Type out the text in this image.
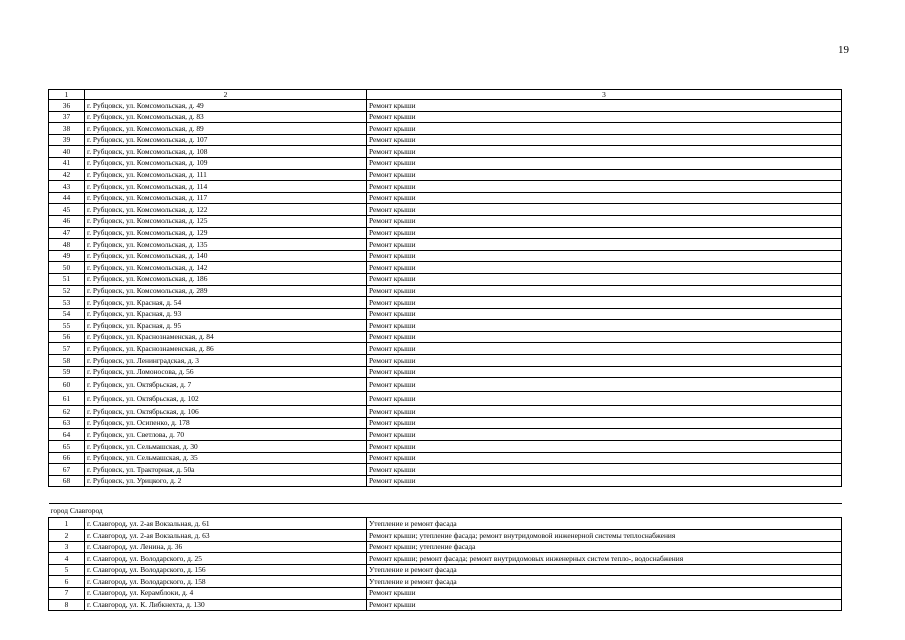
19
1	2	3
36	г. Рубцовск, ул. Комсомольская, д. 49	Ремонт крыши
37	г. Рубцовск, ул. Комсомольская, д. 83	Ремонт крыши
38	г. Рубцовск, ул. Комсомольская, д. 89	Ремонт крыши
39	г. Рубцовск, ул. Комсомольская, д. 107	Ремонт крыши
40	г. Рубцовск, ул. Комсомольская, д. 108	Ремонт крыши
41	г. Рубцовск, ул. Комсомольская, д. 109	Ремонт крыши
42	г. Рубцовск, ул. Комсомольская, д. 111	Ремонт крыши
43	г. Рубцовск, ул. Комсомольская, д. 114	Ремонт крыши
44	г. Рубцовск, ул. Комсомольская, д. 117	Ремонт крыши
45	г. Рубцовск, ул. Комсомольская, д. 122	Ремонт крыши
46	г. Рубцовск, ул. Комсомольская, д. 125	Ремонт крыши
47	г. Рубцовск, ул. Комсомольская, д. 129	Ремонт крыши
48	г. Рубцовск, ул. Комсомольская, д. 135	Ремонт крыши
49	г. Рубцовск, ул. Комсомольская, д. 140	Ремонт крыши
50	г. Рубцовск, ул. Комсомольская, д. 142	Ремонт крыши
51	г. Рубцовск, ул. Комсомольская, д. 186	Ремонт крыши
52	г. Рубцовск, ул. Комсомольская, д. 289	Ремонт крыши
53	г. Рубцовск, ул. Красная, д. 54	Ремонт крыши
54	г. Рубцовск, ул. Красная, д. 93	Ремонт крыши
55	г. Рубцовск, ул. Красная, д. 95	Ремонт крыши
56	г. Рубцовск, ул. Краснознаменская, д. 84	Ремонт крыши
57	г. Рубцовск, ул. Краснознаменская, д. 86	Ремонт крыши
58	г. Рубцовск, ул. Ленинградская, д. 3	Ремонт крыши
59	г. Рубцовск, ул. Ломоносова, д. 56	Ремонт крыши
60	г. Рубцовск, ул. Октябрьская, д. 7	Ремонт крыши
61	г. Рубцовск, ул. Октябрьская, д. 102	Ремонт крыши
62	г. Рубцовск, ул. Октябрьская, д. 106	Ремонт крыши
63	г. Рубцовск, ул. Осипенко, д. 178	Ремонт крыши
64	г. Рубцовск, ул. Светлова, д. 70	Ремонт крыши
65	г. Рубцовск, ул. Сельмашская, д. 30	Ремонт крыши
66	г. Рубцовск, ул. Сельмашская, д. 35	Ремонт крыши
67	г. Рубцовск, ул. Тракторная, д. 50а	Ремонт крыши
68	г. Рубцовск, ул. Урицкого, д. 2	Ремонт крыши

город Славгород		
1	г. Славгород, ул. 2-ая Вокзальная, д. 61	Утепление и ремонт фасада
2	г. Славгород, ул. 2-ая Вокзальная, д. 63	Ремонт крыши; утепление фасада; ремонт внутридомовой инженерной системы теплоснабжения
3	г. Славгород, ул. Ленина, д. 36	Ремонт крыши; утепление фасада
4	г. Славгород, ул. Володарского, д. 25	Ремонт крыши; ремонт фасада; ремонт внутридомовых инженерных систем тепло-, водоснабжения
5	г. Славгород, ул. Володарского, д. 156	Утепление и ремонт фасада
6	г. Славгород, ул. Володарского, д. 158	Утепление и ремонт фасада
7	г. Славгород, ул. Керамблоки, д. 4	Ремонт крыши
8	г. Славгород, ул. К. Либкнехта, д. 130	Ремонт крыши
